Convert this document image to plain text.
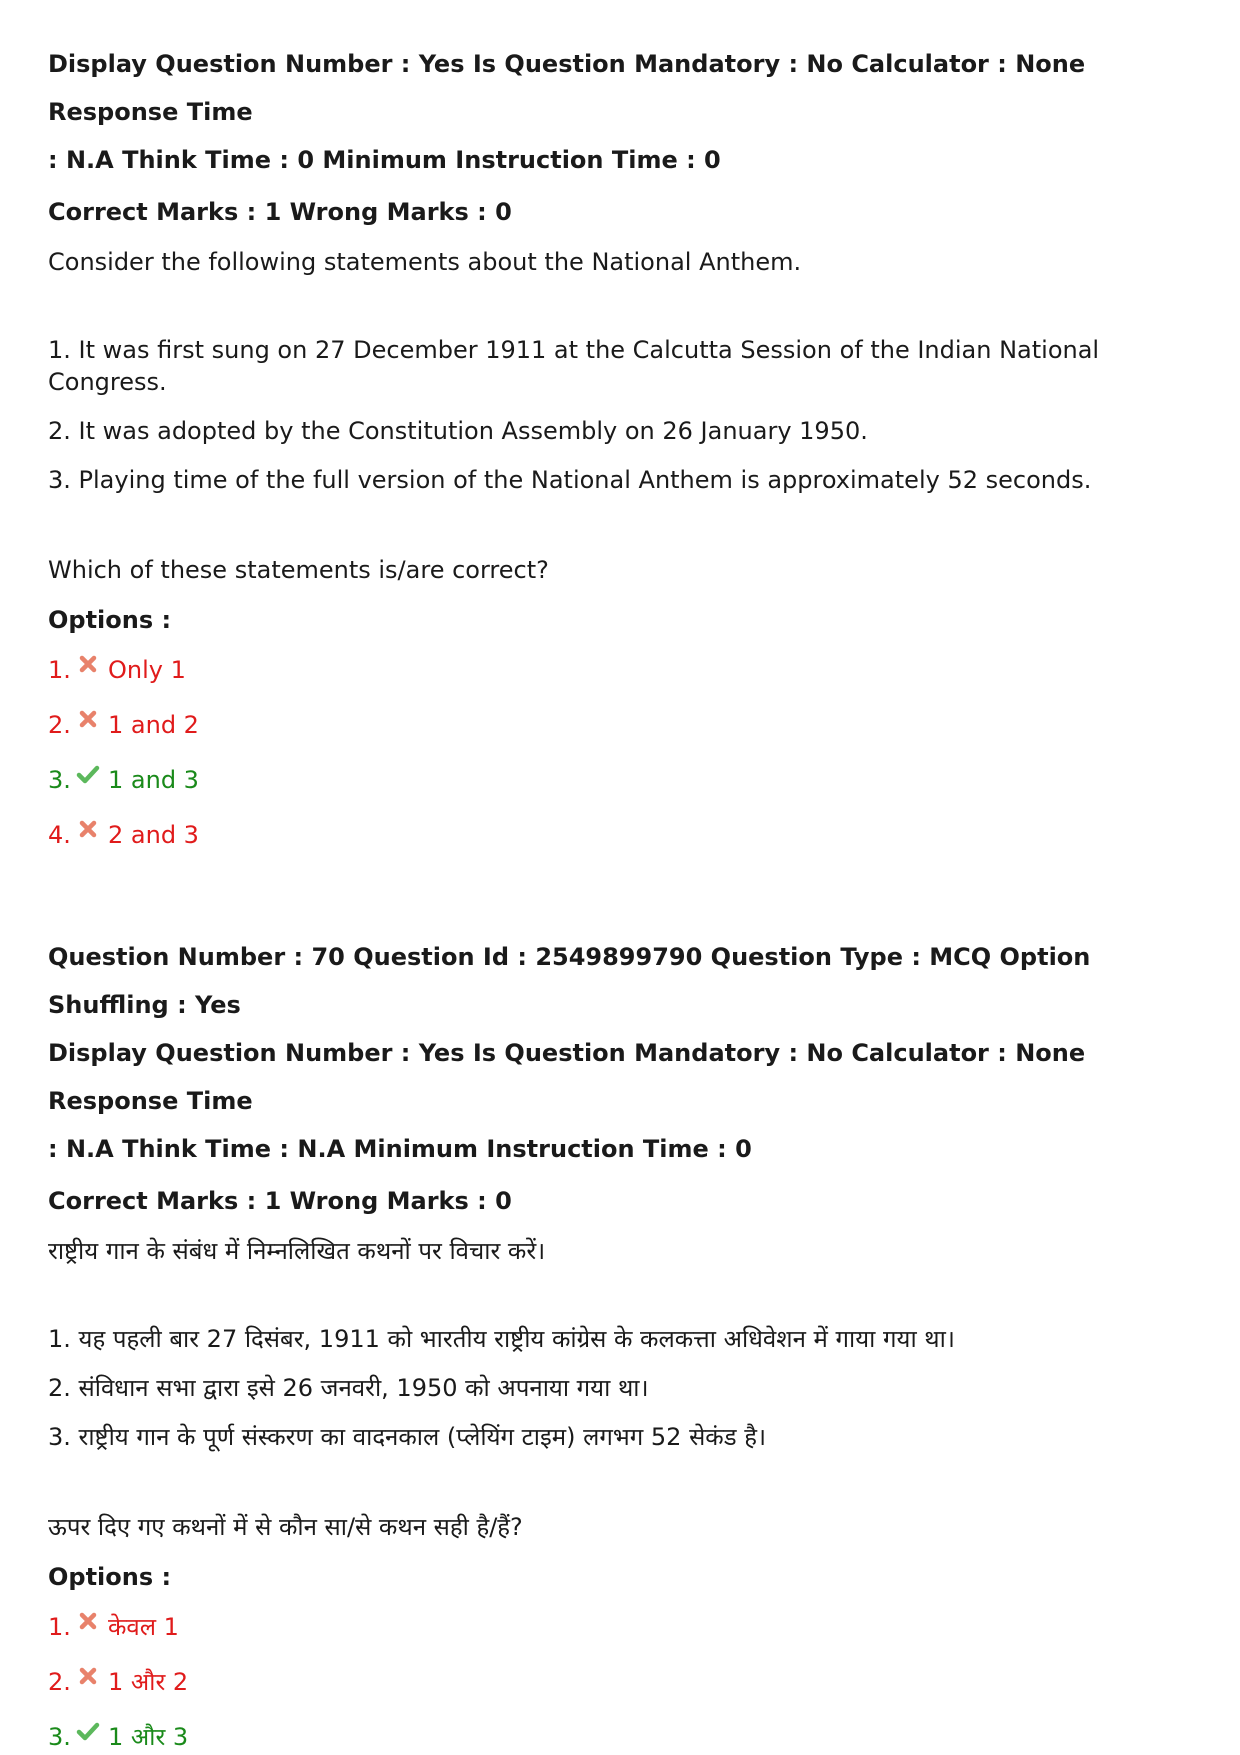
Display Question Number : Yes Is Question Mandatory : No Calculator : None Response Time
: N.A Think Time : 0 Minimum Instruction Time : 0

Correct Marks : 1 Wrong Marks : 0

Consider the following statements about the National Anthem.

1. It was first sung on 27 December 1911 at the Calcutta Session of the Indian National Congress.

2. It was adopted by the Constitution Assembly on 26 January 1950.

3. Playing time of the full version of the National Anthem is approximately 52 seconds.

Which of these statements is/are correct?

Options :

1. Only 1
2. 1 and 2
3. 1 and 3
4. 2 and 3

Question Number : 70 Question Id : 2549899790 Question Type : MCQ Option Shuffling : Yes
Display Question Number : Yes Is Question Mandatory : No Calculator : None Response Time
: N.A Think Time : N.A Minimum Instruction Time : 0

Correct Marks : 1 Wrong Marks : 0

राष्ट्रीय गान के संबंध में निम्नलिखित कथनों पर विचार करें।

1. यह पहली बार 27 दिसंबर, 1911 को भारतीय राष्ट्रीय कांग्रेस के कलकत्ता अधिवेशन में गाया गया था।

2. संविधान सभा द्वारा इसे 26 जनवरी, 1950 को अपनाया गया था।

3. राष्ट्रीय गान के पूर्ण संस्करण का वादनकाल (प्लेयिंग टाइम) लगभग 52 सेकंड है।

ऊपर दिए गए कथनों में से कौन सा/से कथन सही है/हैं?

Options :

1. केवल 1
2. 1 और 2
3. 1 और 3
